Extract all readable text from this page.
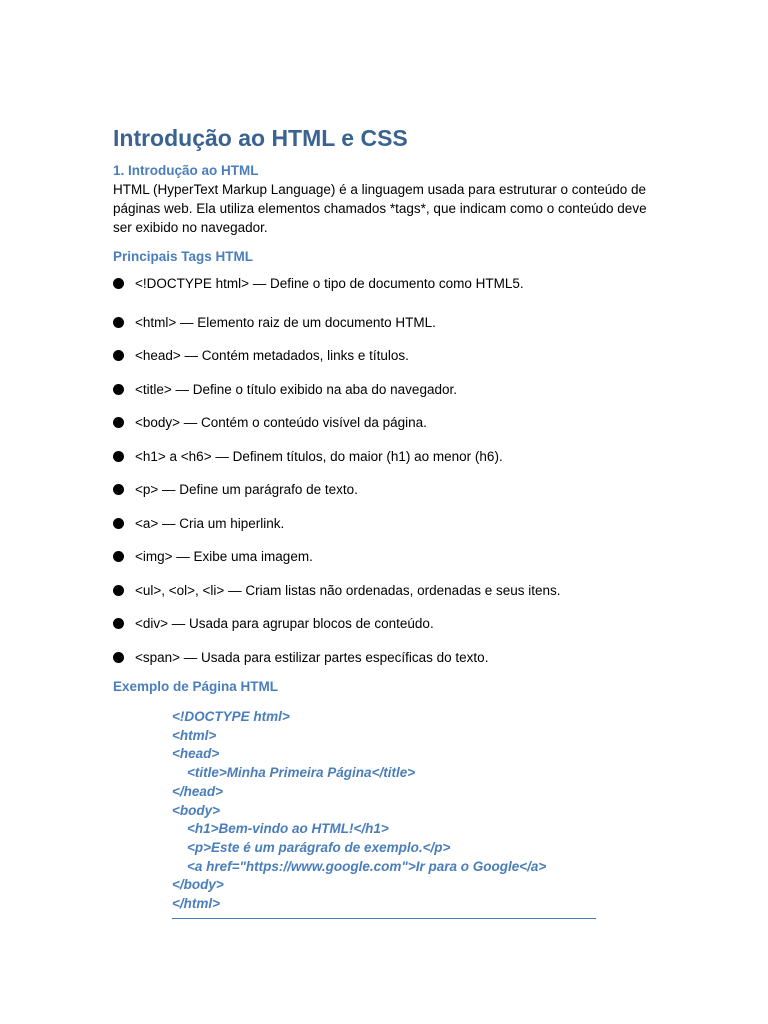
Introdução ao HTML e CSS
1. Introdução ao HTML

HTML (HyperText Markup Language) é a linguagem usada para estruturar o conteúdo de páginas web. Ela utiliza elementos chamados *tags*, que indicam como o conteúdo deve ser exibido no navegador.

Principais Tags HTML
<!DOCTYPE html> — Define o tipo de documento como HTML5.
<html> — Elemento raiz de um documento HTML.
<head> — Contém metadados, links e títulos.
<title> — Define o título exibido na aba do navegador.
<body> — Contém o conteúdo visível da página.
<h1> a <h6> — Definem títulos, do maior (h1) ao menor (h6).
<p> — Define um parágrafo de texto.
<a> — Cria um hiperlink.
<img> — Exibe uma imagem.
<ul>, <ol>, <li> — Criam listas não ordenadas, ordenadas e seus itens.
<div> — Usada para agrupar blocos de conteúdo.
<span> — Usada para estilizar partes específicas do texto.
Exemplo de Página HTML
<!DOCTYPE html>
<html>
<head>
<title>Minha Primeira Página</title>
</head>
<body>
<h1>Bem-vindo ao HTML!</h1>
<p>Este é um parágrafo de exemplo.</p>
<a href="https://www.google.com">Ir para o Google</a>
</body>
</html>
